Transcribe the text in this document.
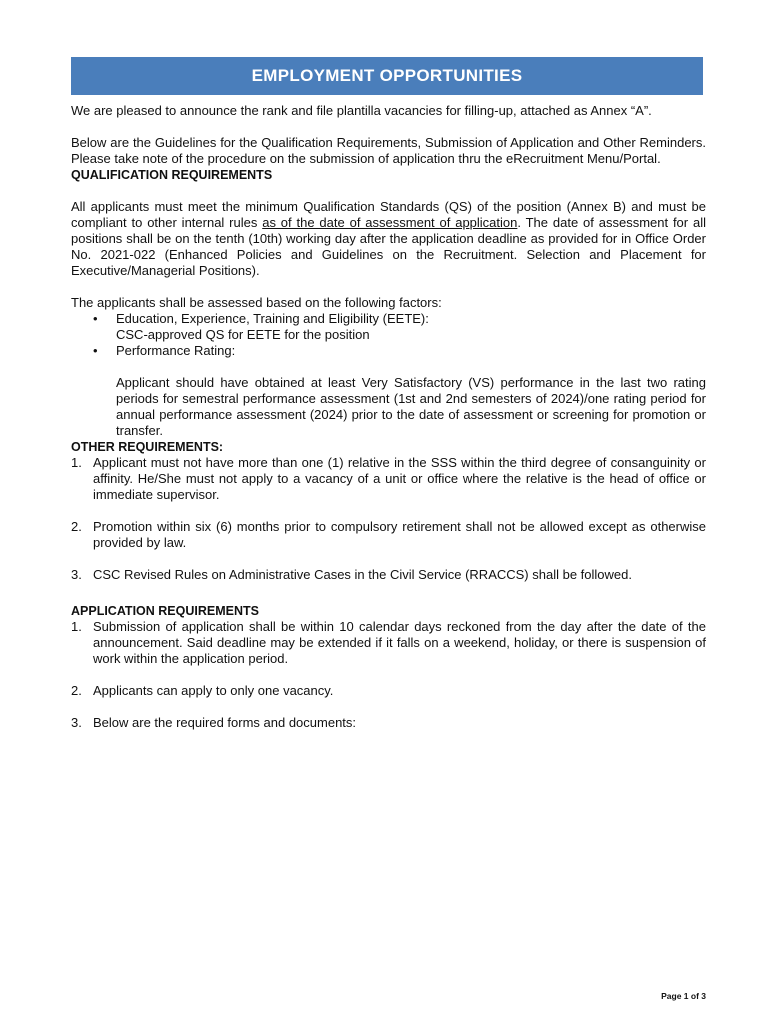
EMPLOYMENT OPPORTUNITIES

We are pleased to announce the rank and file plantilla vacancies for filling-up, attached as Annex “A”.

Below are the Guidelines for the Qualification Requirements, Submission of Application and Other Reminders. Please take note of the procedure on the submission of application thru the eRecruitment Menu/Portal.

QUALIFICATION REQUIREMENTS

All applicants must meet the minimum Qualification Standards (QS) of the position (Annex B) and must be compliant to other internal rules as of the date of assessment of application. The date of assessment for all positions shall be on the tenth (10th) working day after the application deadline as provided for in Office Order No. 2021-022 (Enhanced Policies and Guidelines on the Recruitment. Selection and Placement for Executive/Managerial Positions).

The applicants shall be assessed based on the following factors:

• Education, Experience, Training and Eligibility (EETE):
CSC-approved QS for EETE for the position
• Performance Rating:

Applicant should have obtained at least Very Satisfactory (VS) performance in the last two rating periods for semestral performance assessment (1st and 2nd semesters of 2024)/one rating period for annual performance assessment (2024) prior to the date of assessment or screening for promotion or transfer.

OTHER REQUIREMENTS:

1. Applicant must not have more than one (1) relative in the SSS within the third degree of consanguinity or affinity. He/She must not apply to a vacancy of a unit or office where the relative is the head of office or immediate supervisor.
2. Promotion within six (6) months prior to compulsory retirement shall not be allowed except as otherwise provided by law.
3. CSC Revised Rules on Administrative Cases in the Civil Service (RRACCS) shall be followed.

APPLICATION REQUIREMENTS

1. Submission of application shall be within 10 calendar days reckoned from the day after the date of the announcement. Said deadline may be extended if it falls on a weekend, holiday, or there is suspension of work within the application period.
2. Applicants can apply to only one vacancy.
3. Below are the required forms and documents:
Page 1 of 3
